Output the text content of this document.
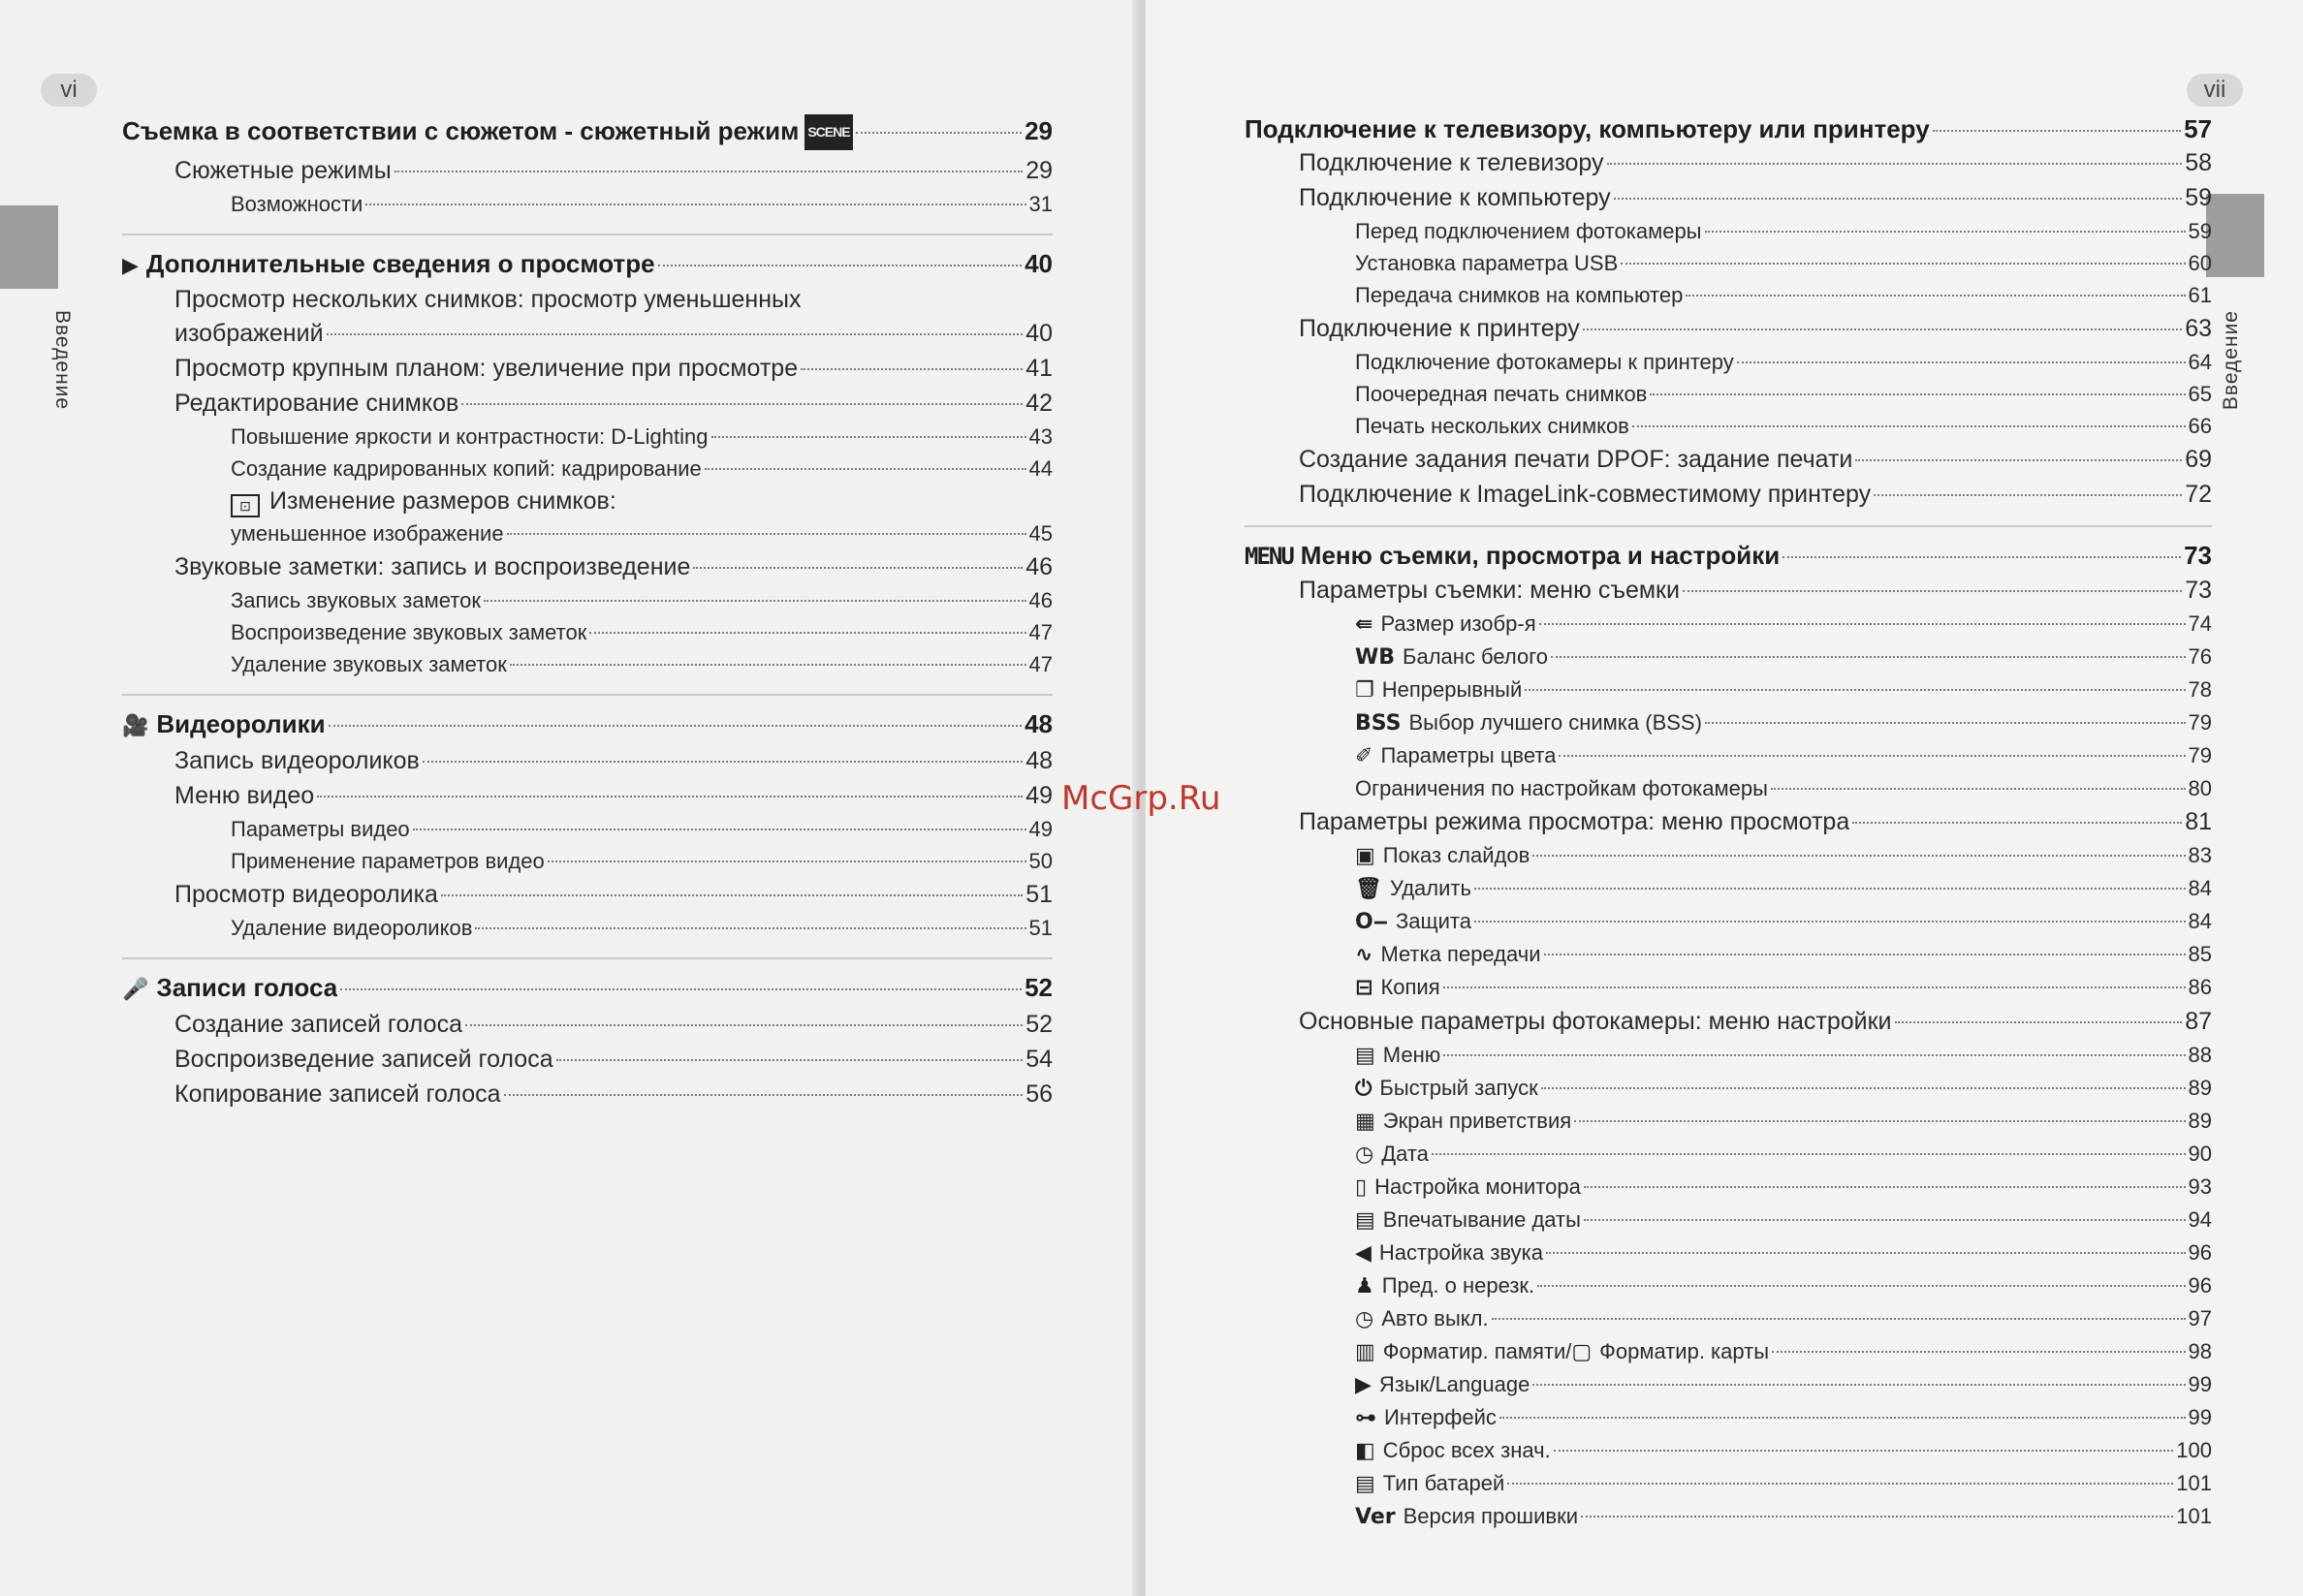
vi
Введение
Съемка в соответствии с сюжетом - сюжетный режим SCENE	29
Сюжетные режимы	29
Возможности	31
▶ Дополнительные сведения о просмотре	40
Просмотр нескольких снимков: просмотр уменьшенных
изображений	40
Просмотр крупным планом: увеличение при просмотре	41
Редактирование снимков	42
Повышение яркости и контрастности: D-Lighting	43
Создание кадрированных копий: кадрирование	44
⊡ Изменение размеров снимков:
уменьшенное изображение	45
Звуковые заметки: запись и воспроизведение	46
Запись звуковых заметок	46
Воспроизведение звуковых заметок	47
Удаление звуковых заметок	47
🎥 Видеоролики	48
Запись видеороликов	48
Меню видео	49
Параметры видео	49
Применение параметров видео	50
Просмотр видеоролика	51
Удаление видеороликов	51
🎤 Записи голоса	52
Создание записей голоса	52
Воспроизведение записей голоса	54
Копирование записей голоса	56
vii
Введение
Подключение к телевизору, компьютеру или принтеру	57
Подключение к телевизору	58
Подключение к компьютеру	59
Перед подключением фотокамеры	59
Установка параметра USB	60
Передача снимков на компьютер	61
Подключение к принтеру	63
Подключение фотокамеры к принтеру	64
Поочередная печать снимков	65
Печать нескольких снимков	66
Создание задания печати DPOF: задание печати	69
Подключение к ImageLink-совместимому принтеру	72
MENU Меню съемки, просмотра и настройки	73
Параметры съемки: меню съемки	73
⇚ Размер изобр-я	74
WB Баланс белого	76
❐ Непрерывный	78
BSS Выбор лучшего снимка (BSS)	79
✐ Параметры цвета	79
Ограничения по настройкам фотокамеры	80
Параметры режима просмотра: меню просмотра	81
▣ Показ слайдов	83
🗑 Удалить	84
O‒ Защита	84
∿ Метка передачи	85
⊟ Копия	86
Основные параметры фотокамеры: меню настройки	87
▤ Меню	88
⏻ Быстрый запуск	89
▦ Экран приветствия	89
◷ Дата	90
▯ Настройка монитора	93
▤ Впечатывание даты	94
◀ Настройка звука	96
♟ Пред. о нерезк.	96
◷ Авто выкл.	97
▥ Форматир. памяти/▢ Форматир. карты	98
▶ Язык/Language	99
⊶ Интерфейс	99
◧ Сброс всех знач.	100
▤ Тип батарей	101
Ver Версия прошивки	101
McGrp.Ru
